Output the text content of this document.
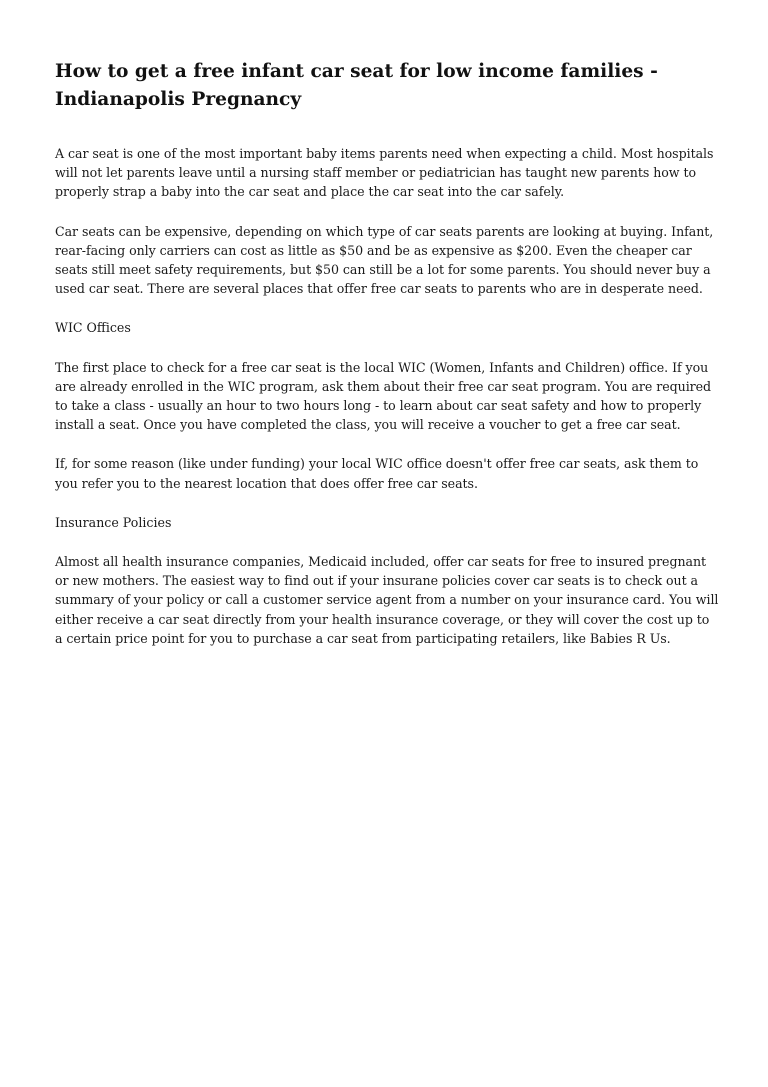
How to get a free infant car seat for low income families - Indianapolis Pregnancy

A car seat is one of the most important baby items parents need when expecting a child. Most hospitals will not let parents leave until a nursing staff member or pediatrician has taught new parents how to properly strap a baby into the car seat and place the car seat into the car safely.

Car seats can be expensive, depending on which type of car seats parents are looking at buying. Infant, rear-facing only carriers can cost as little as $50 and be as expensive as $200. Even the cheaper car seats still meet safety requirements, but $50 can still be a lot for some parents. You should never buy a used car seat. There are several places that offer free car seats to parents who are in desperate need.

WIC Offices

The first place to check for a free car seat is the local WIC (Women, Infants and Children) office. If you are already enrolled in the WIC program, ask them about their free car seat program. You are required to take a class - usually an hour to two hours long - to learn about car seat safety and how to properly install a seat. Once you have completed the class, you will receive a voucher to get a free car seat.

If, for some reason (like under funding) your local WIC office doesn't offer free car seats, ask them to you refer you to the nearest location that does offer free car seats.

Insurance Policies

Almost all health insurance companies, Medicaid included, offer car seats for free to insured pregnant or new mothers. The easiest way to find out if your insurane policies cover car seats is to check out a summary of your policy or call a customer service agent from a number on your insurance card. You will either receive a car seat directly from your health insurance coverage, or they will cover the cost up to a certain price point for you to purchase a car seat from participating retailers, like Babies R Us.
